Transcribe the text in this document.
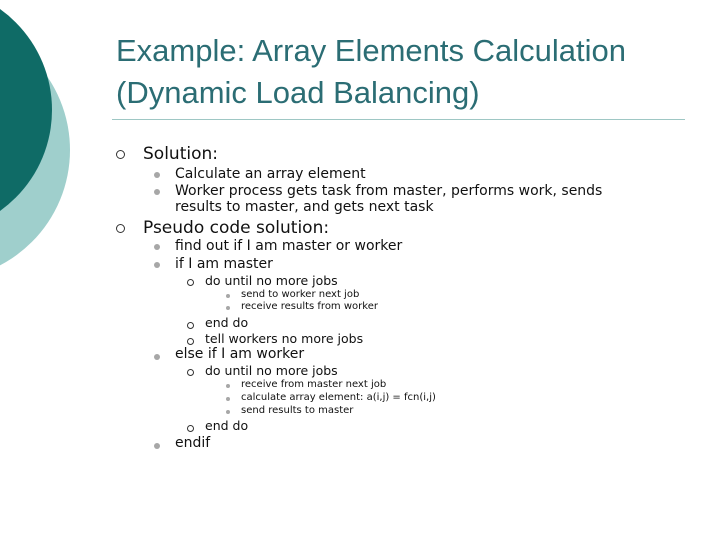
Example: Array Elements Calculation
(Dynamic Load Balancing)
Solution:
Calculate an array element
Worker process gets task from master, performs work, sends
results to master, and gets next task
Pseudo code solution:
find out if I am master or worker
if I am master
do until no more jobs
send to worker next job
receive results from worker
end do
tell workers no more jobs
else if I am worker
do until no more jobs
receive from master next job
calculate array element: a(i,j) = fcn(i,j)
send results to master
end do
endif
